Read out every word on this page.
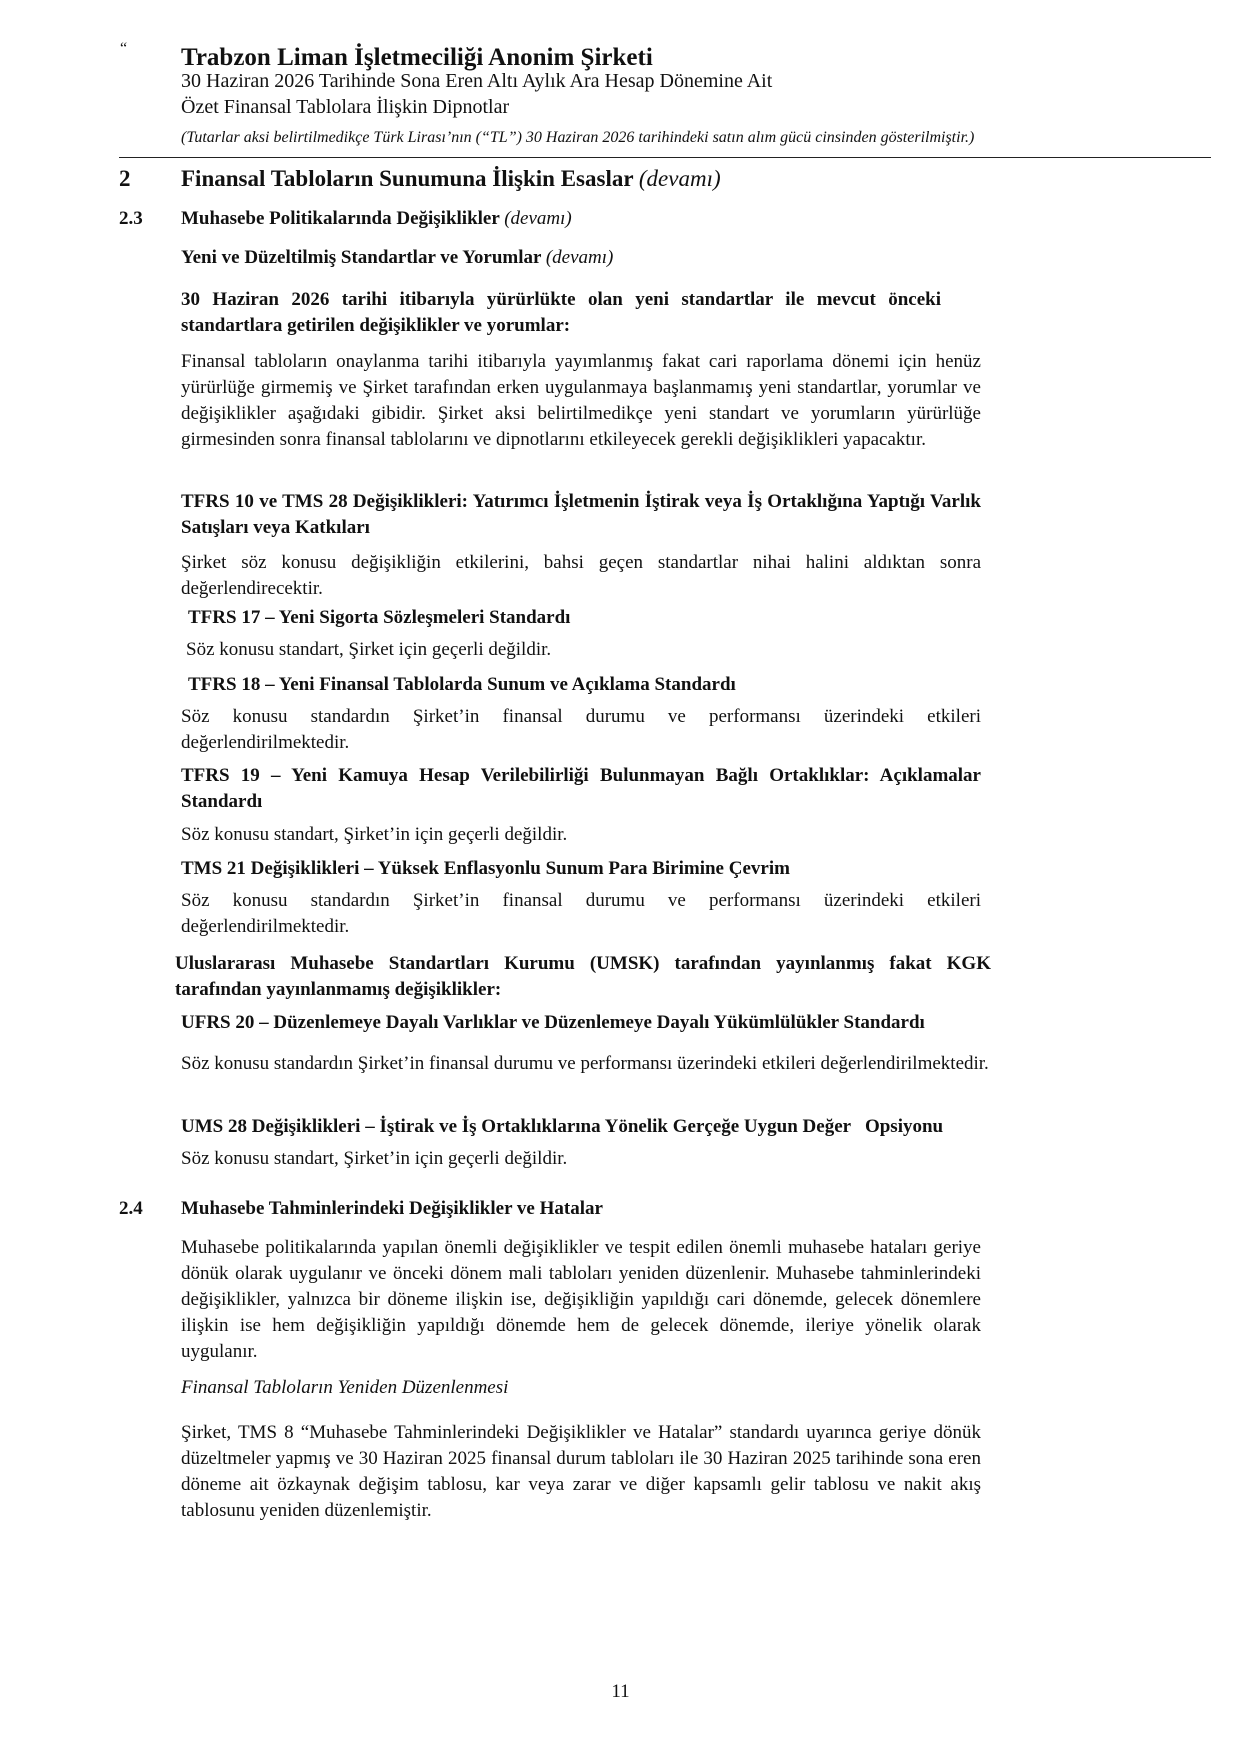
“ Trabzon Liman İşletmeciliği Anonim Şirketi
30 Haziran 2026 Tarihinde Sona Eren Altı Aylık Ara Hesap Dönemine Ait
Özet Finansal Tablolara İlişkin Dipnotlar
(Tutarlar aksi belirtilmedikçe Türk Lirası’nın (“TL”) 30 Haziran 2026 tarihindeki satın alım gücü cinsinden gösterilmiştir.)
2 Finansal Tabloların Sunumuna İlişkin Esaslar (devamı)
2.3 Muhasebe Politikalarında Değişiklikler (devamı)
Yeni ve Düzeltilmiş Standartlar ve Yorumlar (devamı)
30 Haziran 2026 tarihi itibarıyla yürürlükte olan yeni standartlar ile mevcut önceki standartlara getirilen değişiklikler ve yorumlar:
Finansal tabloların onaylanma tarihi itibarıyla yayımlanmış fakat cari raporlama dönemi için henüz yürürlüğe girmemiş ve Şirket tarafından erken uygulanmaya başlanmamış yeni standartlar, yorumlar ve değişiklikler aşağıdaki gibidir. Şirket aksi belirtilmedikçe yeni standart ve yorumların yürürlüğe girmesinden sonra finansal tablolarını ve dipnotlarını etkileyecek gerekli değişiklikleri yapacaktır.
TFRS 10 ve TMS 28 Değişiklikleri: Yatırımcı İşletmenin İştirak veya İş Ortaklığına Yaptığı Varlık Satışları veya Katkıları
Şirket söz konusu değişikliğin etkilerini, bahsi geçen standartlar nihai halini aldıktan sonra değerlendirecektir.
TFRS 17 – Yeni Sigorta Sözleşmeleri Standardı
Söz konusu standart, Şirket için geçerli değildir.
TFRS 18 – Yeni Finansal Tablolarda Sunum ve Açıklama Standardı
Söz konusu standardın Şirket’in finansal durumu ve performansı üzerindeki etkileri değerlendirilmektedir.
TFRS 19 – Yeni Kamuya Hesap Verilebilirliği Bulunmayan Bağlı Ortaklıklar: Açıklamalar Standardı
Söz konusu standart, Şirket’in için geçerli değildir.
TMS 21 Değişiklikleri – Yüksek Enflasyonlu Sunum Para Birimine Çevrim
Söz konusu standardın Şirket’in finansal durumu ve performansı üzerindeki etkileri değerlendirilmektedir.
Uluslararası Muhasebe Standartları Kurumu (UMSK) tarafından yayınlanmış fakat KGK tarafından yayınlanmamış değişiklikler:
UFRS 20 – Düzenlemeye Dayalı Varlıklar ve Düzenlemeye Dayalı Yükümlülükler Standardı
Söz konusu standardın Şirket’in finansal durumu ve performansı üzerindeki etkileri değerlendirilmektedir.
UMS 28 Değişiklikleri – İştirak ve İş Ortaklıklarına Yönelik Gerçeğe Uygun Değer   Opsiyonu
Söz konusu standart, Şirket’in için geçerli değildir.
2.4 Muhasebe Tahminlerindeki Değişiklikler ve Hatalar
Muhasebe politikalarında yapılan önemli değişiklikler ve tespit edilen önemli muhasebe hataları geriye dönük olarak uygulanır ve önceki dönem mali tabloları yeniden düzenlenir. Muhasebe tahminlerindeki değişiklikler, yalnızca bir döneme ilişkin ise, değişikliğin yapıldığı cari dönemde, gelecek dönemlere ilişkin ise hem değişikliğin yapıldığı dönemde hem de gelecek dönemde, ileriye yönelik olarak uygulanır.
Finansal Tabloların Yeniden Düzenlenmesi
Şirket, TMS 8 “Muhasebe Tahminlerindeki Değişiklikler ve Hatalar” standardı uyarınca geriye dönük düzeltmeler yapmış ve 30 Haziran 2025 finansal durum tabloları ile 30 Haziran 2025 tarihinde sona eren döneme ait özkaynak değişim tablosu, kar veya zarar ve diğer kapsamlı gelir tablosu ve nakit akış tablosunu yeniden düzenlemiştir.
11
